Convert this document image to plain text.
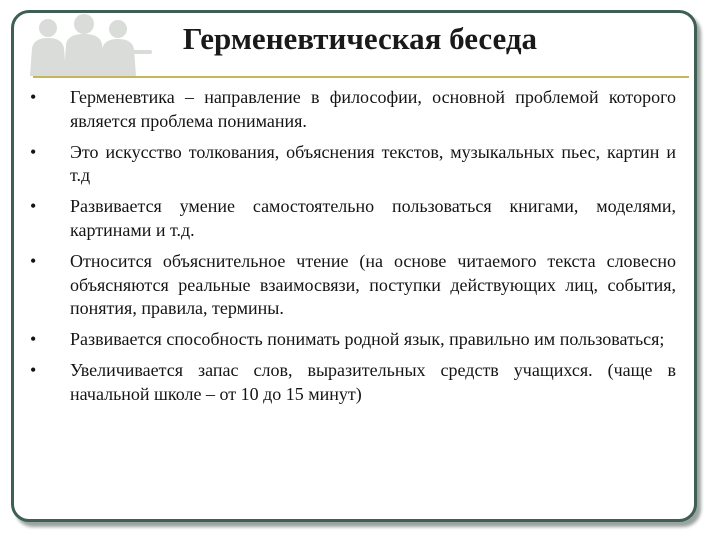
Герменевтическая беседа
•	Герменевтика – направление в философии, основной проблемой которого является проблема понимания.
•	Это искусство толкования, объяснения текстов, музыкальных пьес, картин и т.д
•	Развивается умение самостоятельно пользоваться книгами, моделями, картинами и т.д.
•	Относится объяснительное чтение (на основе читаемого текста словесно объясняются реальные взаимосвязи, поступки действующих лиц, события, понятия, правила, термины.
•	Развивается способность понимать родной язык, правильно им пользоваться;
•	Увеличивается запас слов, выразительных средств учащихся. (чаще в начальной школе – от 10 до 15 минут)
